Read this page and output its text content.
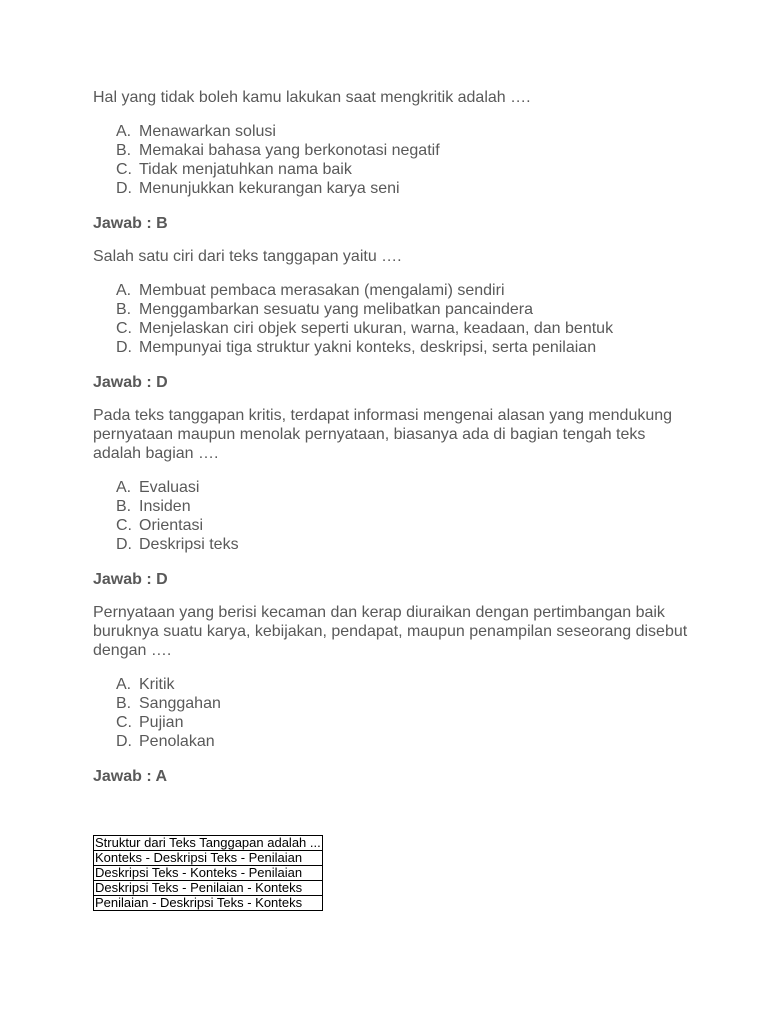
Hal yang tidak boleh kamu lakukan saat mengkritik adalah ….

A. Menawarkan solusi
B. Memakai bahasa yang berkonotasi negatif
C. Tidak menjatuhkan nama baik
D. Menunjukkan kekurangan karya seni

Jawab : B

Salah satu ciri dari teks tanggapan yaitu ….

A. Membuat pembaca merasakan (mengalami) sendiri
B. Menggambarkan sesuatu yang melibatkan pancaindera
C. Menjelaskan ciri objek seperti ukuran, warna, keadaan, dan bentuk
D. Mempunyai tiga struktur yakni konteks, deskripsi, serta penilaian

Jawab : D

Pada teks tanggapan kritis, terdapat informasi mengenai alasan yang mendukung pernyataan maupun menolak pernyataan, biasanya ada di bagian tengah teks adalah bagian ….

A. Evaluasi
B. Insiden
C. Orientasi
D. Deskripsi teks

Jawab : D

Pernyataan yang berisi kecaman dan kerap diuraikan dengan pertimbangan baik buruknya suatu karya, kebijakan, pendapat, maupun penampilan seseorang disebut dengan ….

A. Kritik
B. Sanggahan
C. Pujian
D. Penolakan

Jawab : A

Struktur dari Teks Tanggapan adalah ...
Konteks - Deskripsi Teks - Penilaian
Deskripsi Teks - Konteks - Penilaian
Deskripsi Teks - Penilaian - Konteks
Penilaian - Deskripsi Teks - Konteks
